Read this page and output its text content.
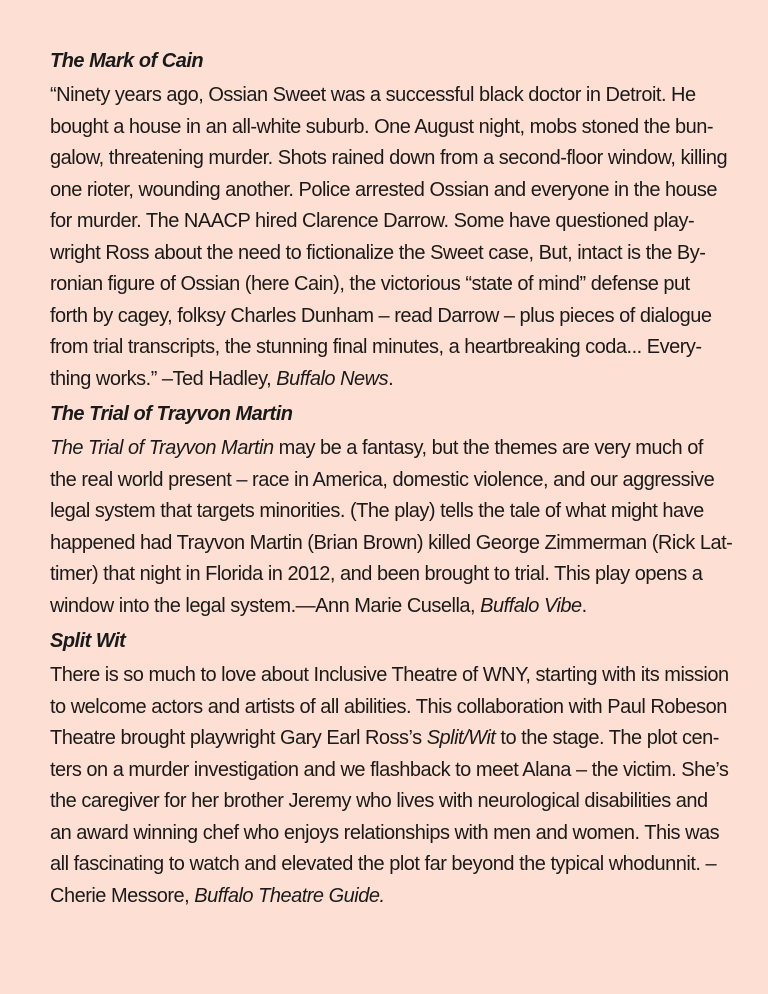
The Mark of Cain

“Ninety years ago, Ossian Sweet was a successful black doctor in Detroit. He
bought a house in an all-white suburb. One August night, mobs stoned the bun-
galow, threatening murder. Shots rained down from a second-floor window, killing
one rioter, wounding another. Police arrested Ossian and everyone in the house
for murder. The NAACP hired Clarence Darrow. Some have questioned play-
wright Ross about the need to fictionalize the Sweet case, But, intact is the By-
ronian figure of Ossian (here Cain), the victorious “state of mind” defense put
forth by cagey, folksy Charles Dunham – read Darrow – plus pieces of dialogue
from trial transcripts, the stunning final minutes, a heartbreaking coda... Every-
thing works.” –Ted Hadley, Buffalo News.

The Trial of Trayvon Martin

The Trial of Trayvon Martin may be a fantasy, but the themes are very much of
the real world present – race in America, domestic violence, and our aggressive
legal system that targets minorities. (The play) tells the tale of what might have
happened had Trayvon Martin (Brian Brown) killed George Zimmerman (Rick Lat-
timer) that night in Florida in 2012, and been brought to trial. This play opens a
window into the legal system.—Ann Marie Cusella, Buffalo Vibe.

Split Wit

There is so much to love about Inclusive Theatre of WNY, starting with its mission
to welcome actors and artists of all abilities. This collaboration with Paul Robeson
Theatre brought playwright Gary Earl Ross’s Split/Wit to the stage. The plot cen-
ters on a murder investigation and we flashback to meet Alana – the victim. She’s
the caregiver for her brother Jeremy who lives with neurological disabilities and
an award winning chef who enjoys relationships with men and women. This was
all fascinating to watch and elevated the plot far beyond the typical whodunnit. –
Cherie Messore, Buffalo Theatre Guide.
